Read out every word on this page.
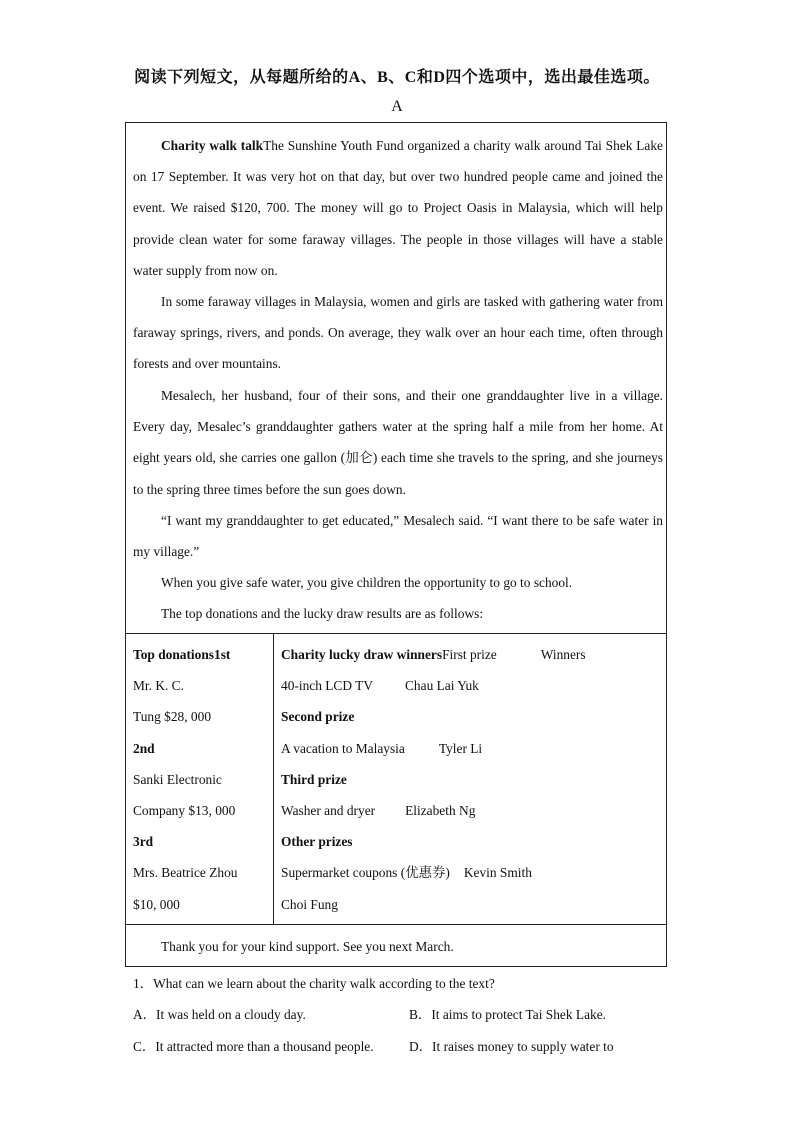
阅读下列短文，从每题所给的A、B、C和D四个选项中，选出最佳选项。
A
Charity walk talkThe Sunshine Youth Fund organized a charity walk around Tai Shek Lake on 17 September. It was very hot on that day, but over two hundred people came and joined the event. We raised $120, 700. The money will go to Project Oasis in Malaysia, which will help provide clean water for some faraway villages. The people in those villages will have a stable water supply from now on.
In some faraway villages in Malaysia, women and girls are tasked with gathering water from faraway springs, rivers, and ponds. On average, they walk over an hour each time, often through forests and over mountains.
Mesalech, her husband, four of their sons, and their one granddaughter live in a village. Every day, Mesalec’s granddaughter gathers water at the spring half a mile from her home. At eight years old, she carries one gallon (加仑) each time she travels to the spring, and she journeys to the spring three times before the sun goes down.
“I want my granddaughter to get educated,” Mesalech said. “I want there to be safe water in my village.”
When you give safe water, you give children the opportunity to go to school.
The top donations and the lucky draw results are as follows:
Top donations1st
Mr. K. C.
Tung $28, 000
2nd
Sanki Electronic
Company $13, 000
3rd
Mrs. Beatrice Zhou
$10, 000
Charity lucky draw winnersFirst prize	Winners
40-inch LCD TV Chau Lai Yuk
Second prize
A vacation to Malaysia	Tyler Li
Third prize
Washer and dryer Elizabeth Ng
Other prizes
Supermarket coupons (优惠券) Kevin Smith
Choi Fung
Thank you for your kind support. See you next March.
1．What can we learn about the charity walk according to the text?
A．It was held on a cloudy day.	B．It aims to protect Tai Shek Lake.
C．It attracted more than a thousand people.	D．It raises money to supply water to
